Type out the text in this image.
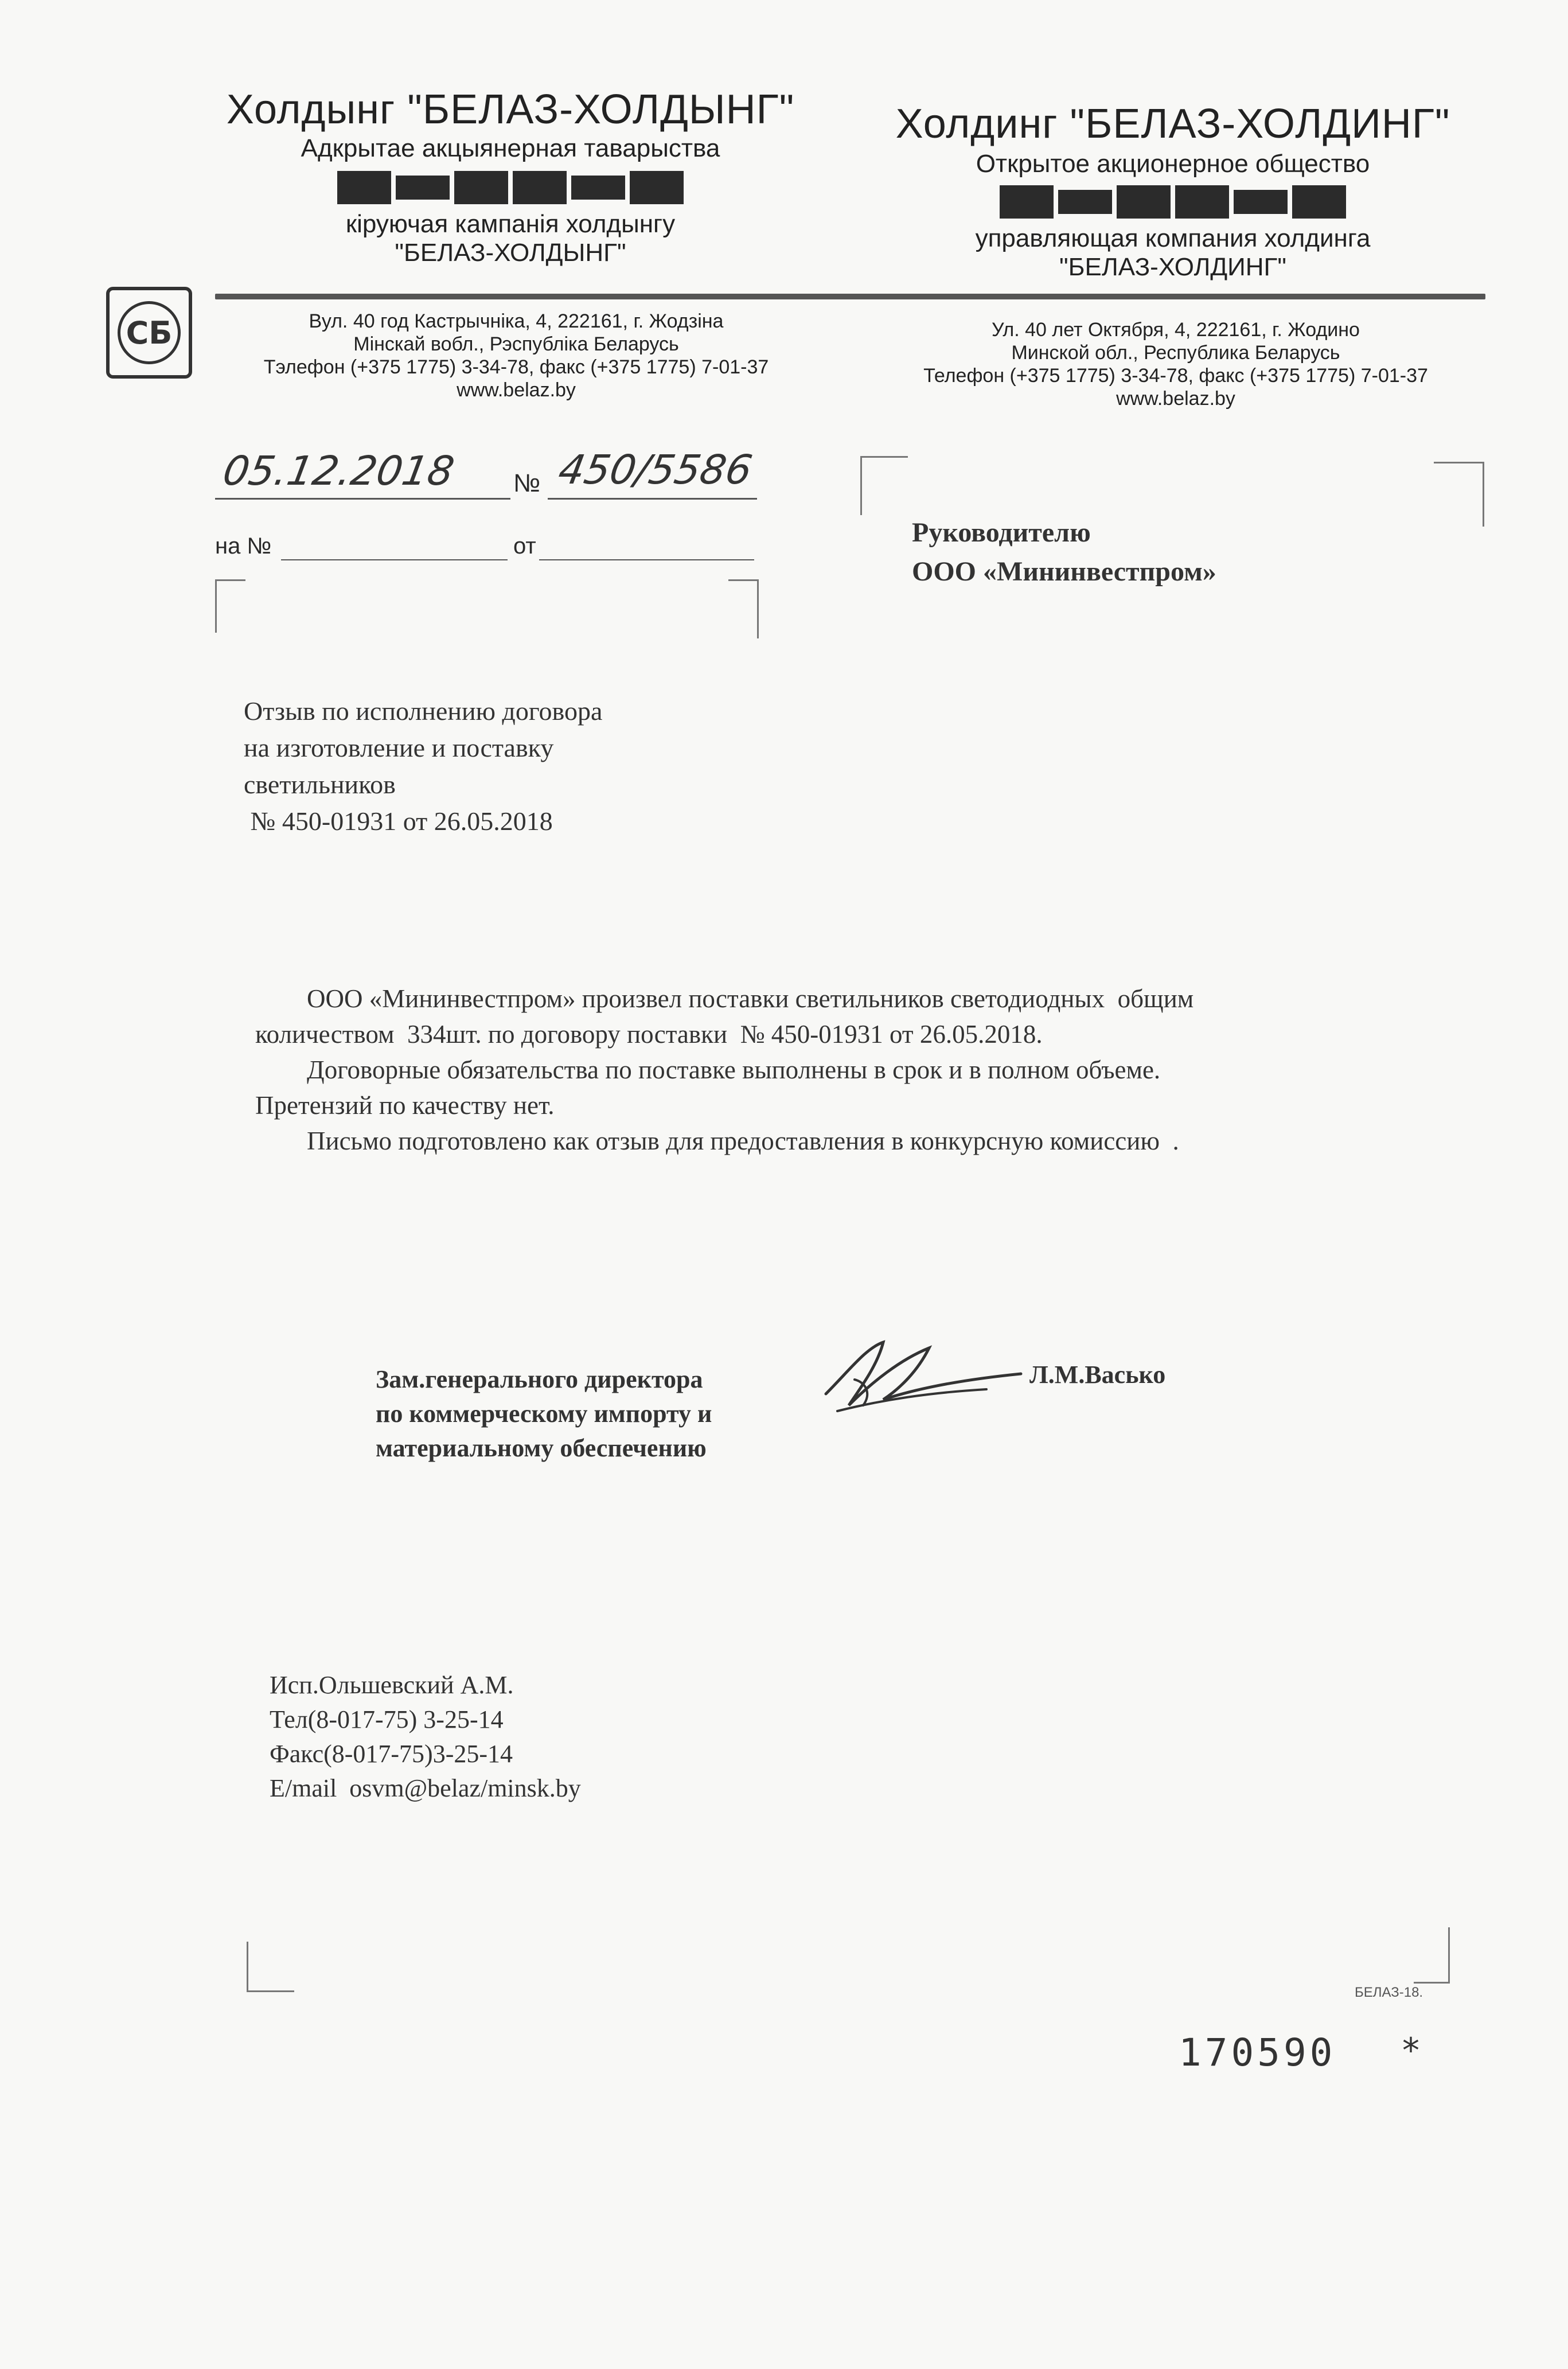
Холдынг "БЕЛАЗ-ХОЛДЫНГ"
Адкрытае акцыянерная таварыства
кіруючая кампанія холдынгу
"БЕЛАЗ-ХОЛДЫНГ"
Холдинг "БЕЛАЗ-ХОЛДИНГ"
Открытое акционерное общество
управляющая компания холдинга
"БЕЛАЗ-ХОЛДИНГ"
СБ	Вул. 40 год Кастрычніка, 4, 222161, г. Жодзіна
Мінскай вобл., Рэспубліка Беларусь
Тэлефон (+375 1775) 3-34-78, факс (+375 1775) 7-01-37
www.belaz.by
Ул. 40 лет Октября, 4, 222161, г. Жодино
Минской обл., Республика Беларусь
Телефон (+375 1775) 3-34-78, факс (+375 1775) 7-01-37
www.belaz.by
05.12.2018 № 450/5586
на №	от	Руководителю
ООО «Мининвестпром»
Отзыв по исполнению договора
на изготовление и поставку
светильников
№ 450-01931 от 26.05.2018
ООО «Мининвестпром» произвел поставки светильников светодиодных  общим
количеством  334шт. по договору поставки  № 450-01931 от 26.05.2018.
Договорные обязательства по поставке выполнены в срок и в полном объеме.
Претензий по качеству нет.
Письмо подготовлено как отзыв для предоставления в конкурсную комиссию  .
Зам.генерального директора
по коммерческому импорту и
материальному обеспечению
Л.М.Васько
Исп.Ольшевский А.М.
Тел(8-017-75) 3-25-14
Факс(8-017-75)3-25-14
E/mail  osvm@belaz/minsk.by
БЕЛАЗ-18.
170590 *
